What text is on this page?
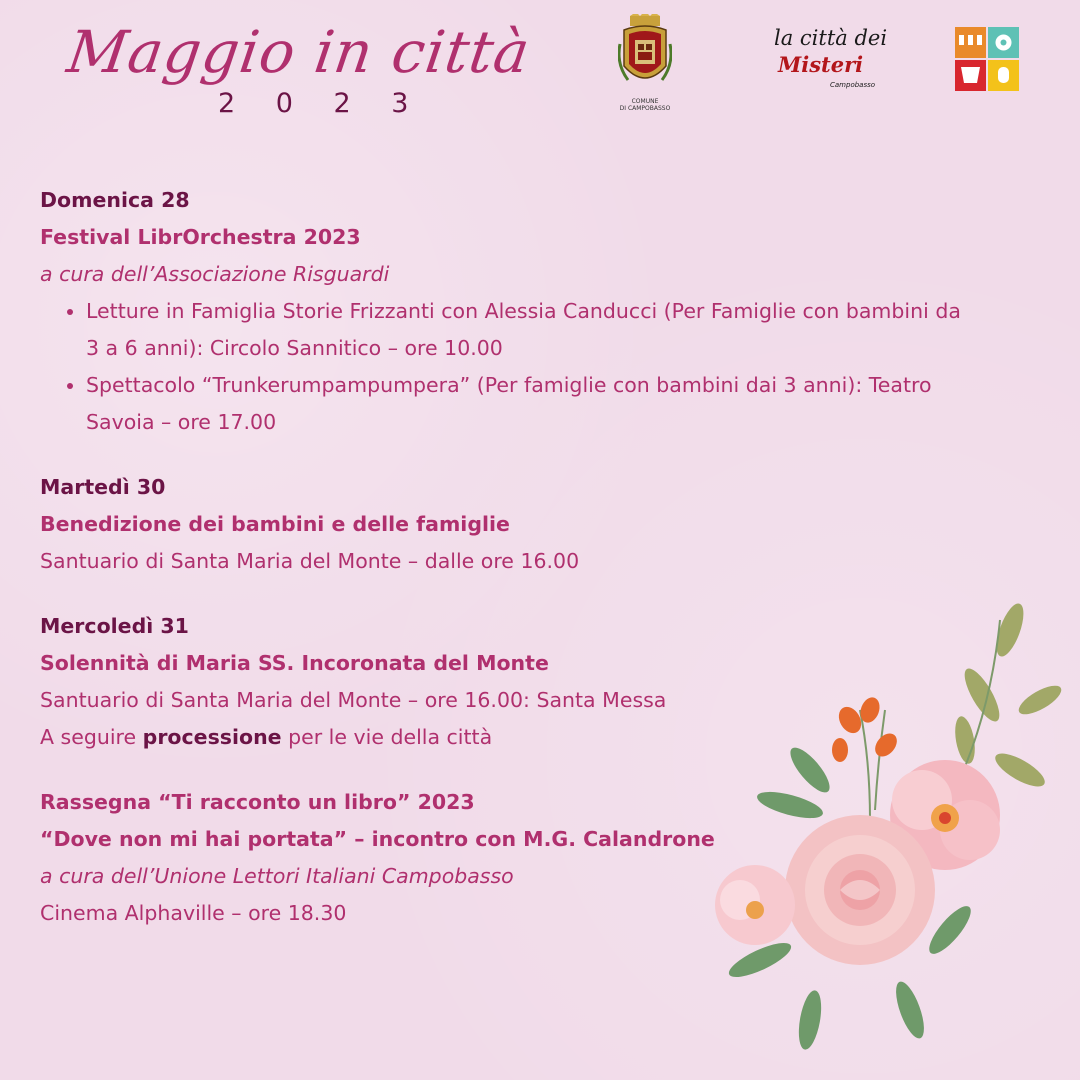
Maggio in città
2 0 2 3	COMUNE
DI CAMPOBASSO
la città dei
Misteri
Campobasso
Domenica 28
Festival LibrOrchestra 2023
a cura dell’Associazione Risguardi
• Letture in Famiglia Storie Frizzanti con Alessia Canducci (Per Famiglie con bambini da 3 a 6 anni): Circolo Sannitico – ore 10.00
• Spettacolo “Trunkerumpampumpera” (Per famiglie con bambini dai 3 anni): Teatro Savoia – ore 17.00
Martedì 30
Benedizione dei bambini e delle famiglie
Santuario di Santa Maria del Monte – dalle ore 16.00
Mercoledì 31
Solennità di Maria SS. Incoronata del Monte
Santuario di Santa Maria del Monte – ore 16.00: Santa Messa
A seguire processione per le vie della città
Rassegna “Ti racconto un libro” 2023
“Dove non mi hai portata” – incontro con M.G. Calandrone
a cura dell’Unione Lettori Italiani Campobasso
Cinema Alphaville – ore 18.30
